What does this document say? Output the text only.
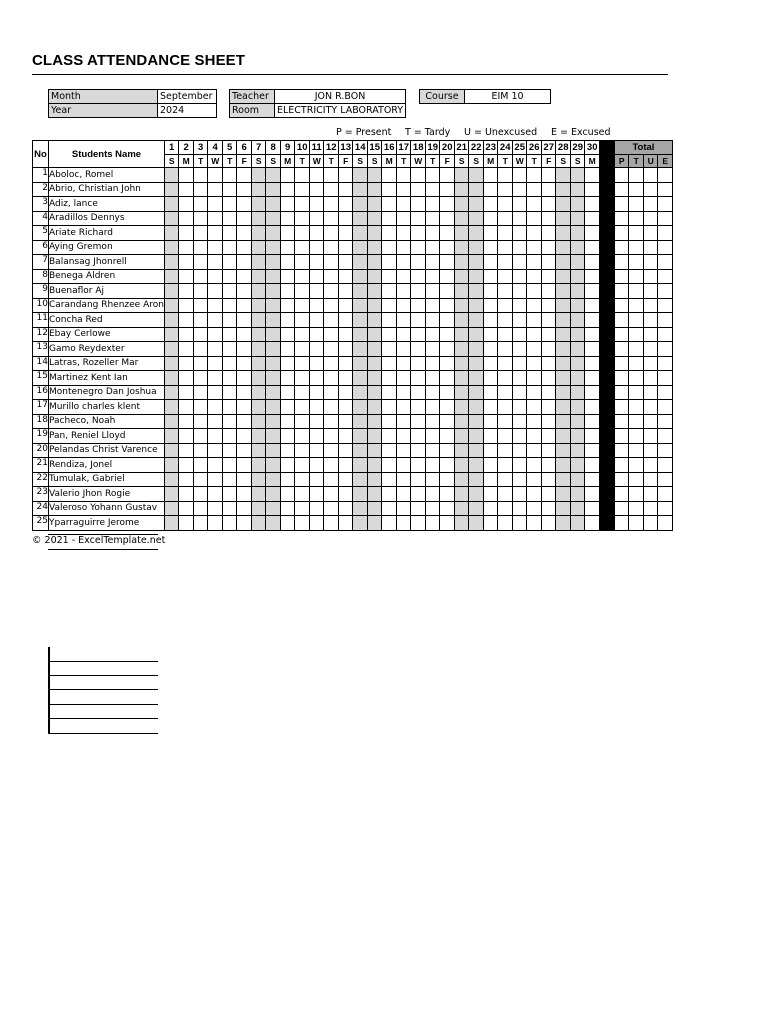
CLASS ATTENDANCE SHEET
Month	September
Year	2024
Teacher	JON R.BON
Room	ELECTRICITY LABORATORY
Course	EIM 10
P = Present T = Tardy U = Unexcused E = Excused
No	Students Name	1	2	3	4	5	6	7	8	9	10	11	12	13	14	15	16	17	18	19	20	21	22	23	24	25	26	27	28	29	30		Total			
		S	M	T	W	T	F	S	S	M	T	W	T	F	S	S	M	T	W	T	F	S	S	M	T	W	T	F	S	S	M		P	T	U	E
1	Aboloc, Romel																																			
2	Abrio, Christian John																																			
3	Adiz, lance																																			
4	Aradillos Dennys																																			
5	Ariate Richard																																			
6	Aying Gremon																																			
7	Balansag Jhonrell																																			
8	Benega Aldren																																			
9	Buenaflor Aj																																			
10	Carandang Rhenzee Aron																																			
11	Concha Red																																			
12	Ebay Cerlowe																																			
13	Gamo Reydexter																																			
14	Latras, Rozeller Mar																																			
15	Martinez Kent Ian																																			
16	Montenegro Dan Joshua																																			
17	Murillo charles klent																																			
18	Pacheco, Noah																																			
19	Pan, Reniel Lloyd																																			
20	Pelandas Christ Varence																																			
21	Rendiza, Jonel																																			
22	Tumulak, Gabriel																																			
23	Valerio Jhon Rogie																																			
24	Valeroso Yohann Gustav																																			
25	Yparraguirre Jerome																																			
© 2021 - ExcelTemplate.net
